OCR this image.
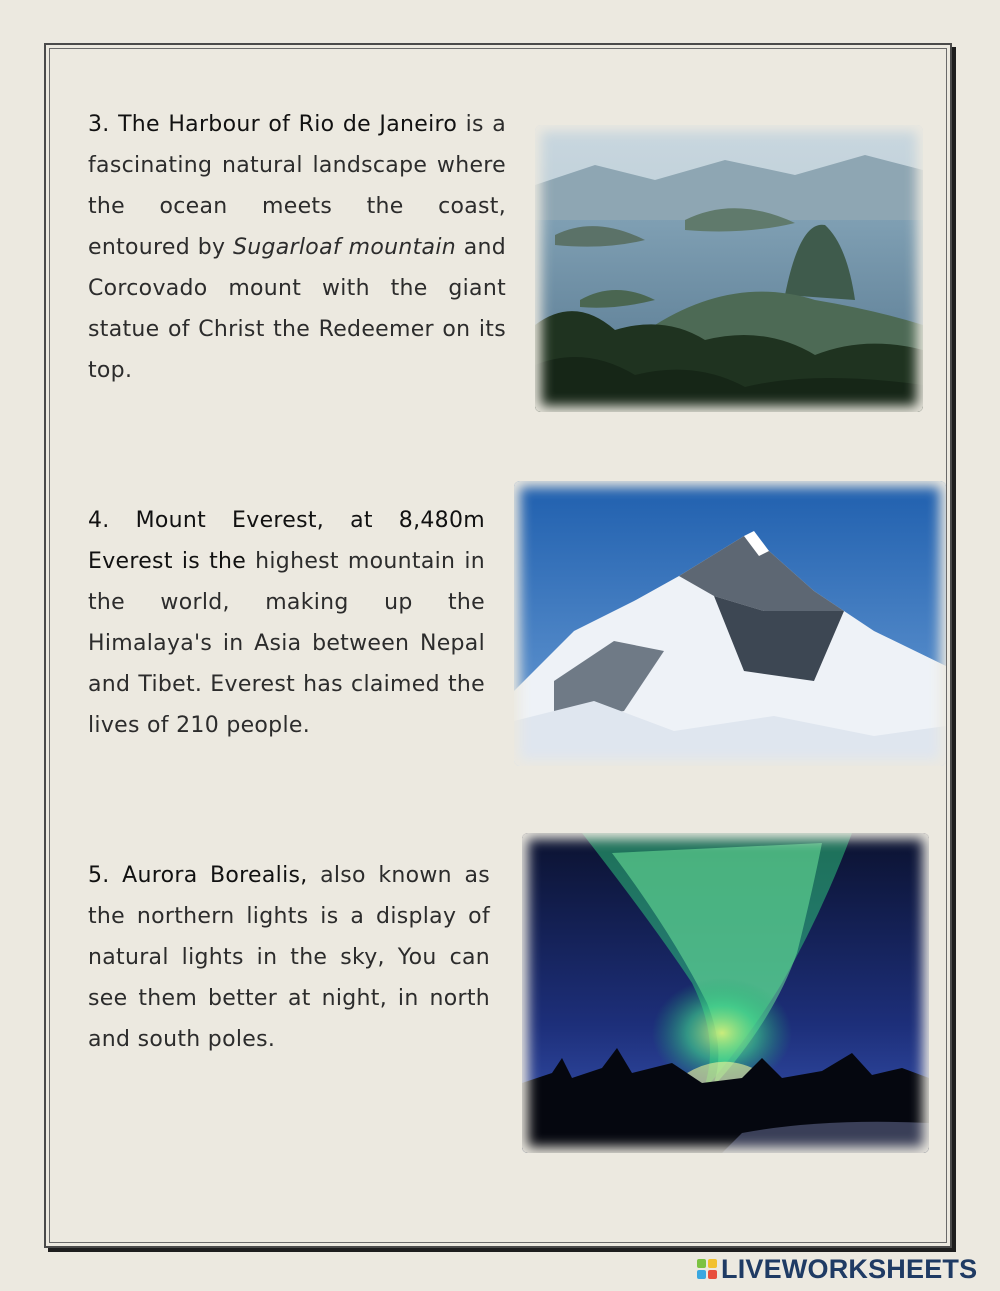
3. The Harbour of Rio de Janeiro is a fascinating natural landscape where the ocean meets the coast, entoured by Sugarloaf mountain and Corcovado mount with the giant statue of Christ the Redeemer on its top.
4. Mount Everest, at 8,480m Everest is the highest mountain in the world, making up the Himalaya's in Asia between Nepal and Tibet. Everest has claimed the lives of 210 people.
5. Aurora Borealis, also known as the northern lights is a display of natural lights in the sky, You can see them better at night, in north and south poles.
LIVEWORKSHEETS
